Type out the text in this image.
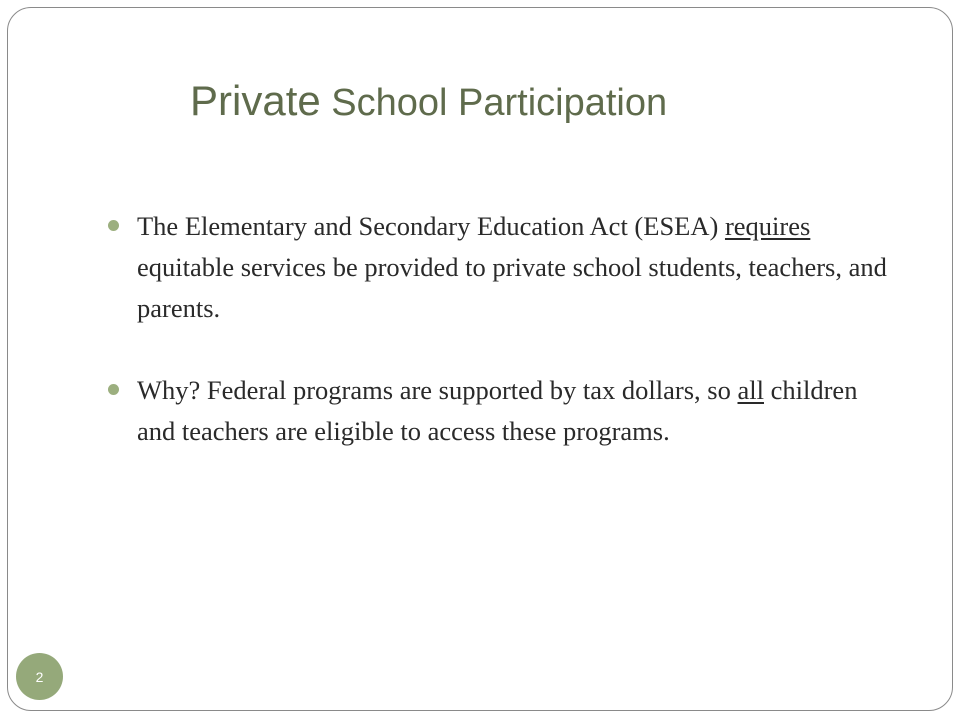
Private School Participation
The Elementary and Secondary Education Act (ESEA) requires equitable services be provided to private school students, teachers, and parents.
Why? Federal programs are supported by tax dollars, so all children and teachers are eligible to access these programs.
2
